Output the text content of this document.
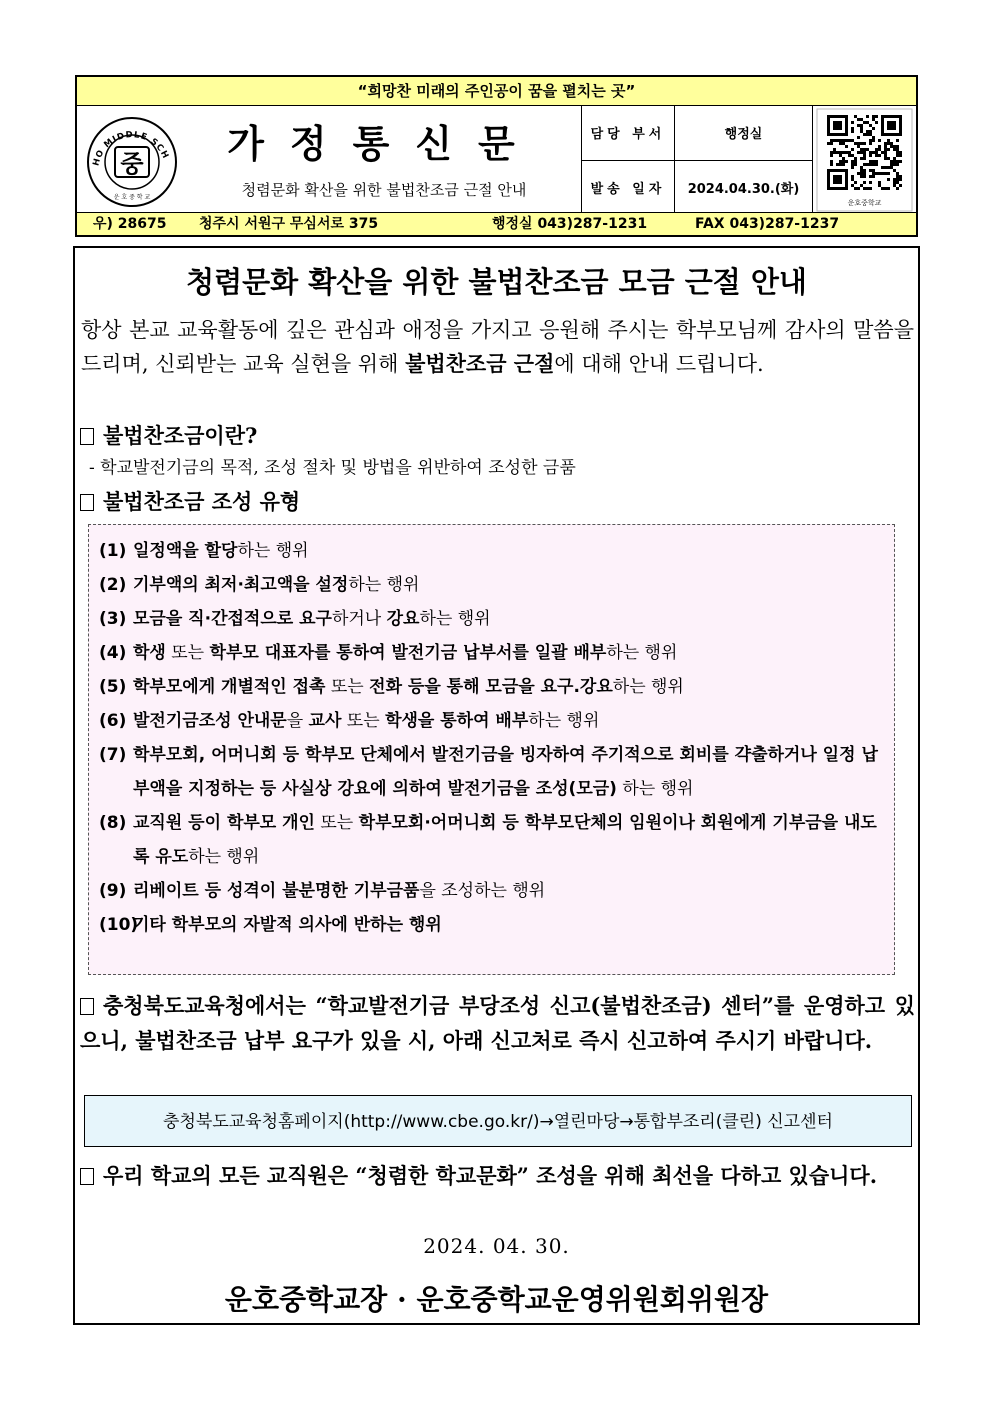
“희망찬 미래의 주인공이 꿈을 펼치는 곳”
HO MIDDLE SCH
중
운 호 중 학 교
가정통신문
청렴문화 확산을 위한 불법찬조금 근절 안내
담당 부서	행정실
발송 일자	2024.04.30.(화)
운호중학교
우) 28675 청주시 서원구 무심서로 375	행정실 043)287-1231	FAX 043)287-1237
청렴문화 확산을 위한 불법찬조금 모금 근절 안내
항상 본교 교육활동에 깊은 관심과 애정을 가지고 응원해 주시는 학부모님께 감사의 말씀을 드리며, 신뢰받는 교육 실현을 위해 불법찬조금 근절에 대해 안내 드립니다.
불법찬조금이란?
- 학교발전기금의 목적, 조성 절차 및 방법을 위반하여 조성한 금품
불법찬조금 조성 유형
(1) 일정액을 할당하는 행위
(2) 기부액의 최저·최고액을 설정하는 행위
(3) 모금을 직·간접적으로 요구하거나 강요하는 행위
(4) 학생 또는 학부모 대표자를 통하여 발전기금 납부서를 일괄 배부하는 행위
(5) 학부모에게 개별적인 접촉 또는 전화 등을 통해 모금을 요구.강요하는 행위
(6) 발전기금조성 안내문을 교사 또는 학생을 통하여 배부하는 행위
(7) 학부모회, 어머니회 등 학부모 단체에서 발전기금을 빙자하여 주기적으로 회비를 갹출하거나 일정 납부액을 지정하는 등 사실상 강요에 의하여 발전기금을 조성(모금) 하는 행위
(8) 교직원 등이 학부모 개인 또는 학부모회·어머니회 등 학부모단체의 임원이나 회원에게 기부금을 내도록 유도하는 행위
(9) 리베이트 등 성격이 불분명한 기부금품을 조성하는 행위
(10)
기타 학부모의 자발적 의사에 반하는 행위
충청북도교육청에서는 “학교발전기금 부당조성 신고(불법찬조금) 센터”를 운영하고 있으니, 불법찬조금 납부 요구가 있을 시, 아래 신고처로 즉시 신고하여 주시기 바랍니다.
충청북도교육청홈페이지(http://www.cbe.go.kr/)→열린마당→통합부조리(클린) 신고센터
우리 학교의 모든 교직원은 “청렴한 학교문화” 조성을 위해 최선을 다하고 있습니다.
2024. 04. 30.
운호중학교장 · 운호중학교운영위원회위원장
